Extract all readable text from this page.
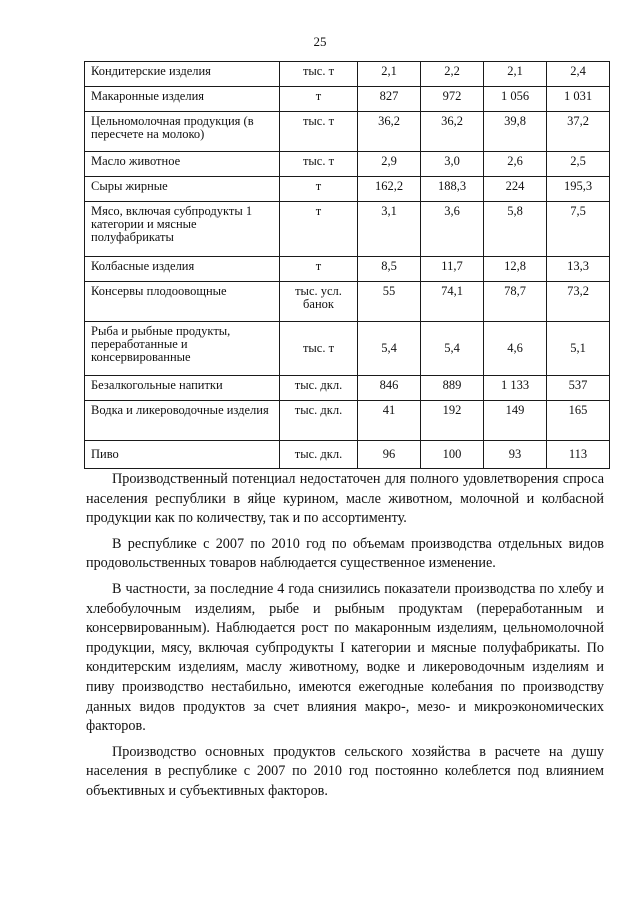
25
Кондитерские изделия	тыс. т	2,1	2,2	2,1	2,4
Макаронные изделия	т	827	972	1 056	1 031
Цельномолочная продукция (в пересчете на молоко)	тыс. т	36,2	36,2	39,8	37,2
Масло животное	тыс. т	2,9	3,0	2,6	2,5
Сыры жирные	т	162,2	188,3	224	195,3
Мясо, включая субпродукты 1 категории и мясные полуфабрикаты	т	3,1	3,6	5,8	7,5
Колбасные изделия	т	8,5	11,7	12,8	13,3
Консервы плодоовощные	тыс. усл. банок	55	74,1	78,7	73,2
Рыба и рыбные продукты, переработанные и консервированные	тыс. т	5,4	5,4	4,6	5,1
Безалкогольные напитки	тыс. дкл.	846	889	1 133	537
Водка и ликероводочные изделия	тыс. дкл.	41	192	149	165
Пиво	тыс. дкл.	96	100	93	113

Производственный потенциал недостаточен для полного удовлетворения спроса населения республики в яйце курином, масле животном, молочной и колбасной продукции как по количеству, так и по ассортименту.

В республике с 2007 по 2010 год по объемам производства отдельных видов продовольственных товаров наблюдается существенное изменение.

В частности, за последние 4 года снизились показатели производства по хлебу и хлебобулочным изделиям, рыбе и рыбным продуктам (переработанным и консервированным). Наблюдается рост по макаронным изделиям, цельномолочной продукции, мясу, включая субпродукты I категории и мясные полуфабрикаты. По кондитерским изделиям, маслу животному, водке и ликероводочным изделиям и пиву производство нестабильно, имеются ежегодные колебания по производству данных видов продуктов за счет влияния макро-, мезо- и микроэкономических факторов.

Производство основных продуктов сельского хозяйства в расчете на душу населения в республике с 2007 по 2010 год постоянно колеблется под влиянием объективных и субъективных факторов.
